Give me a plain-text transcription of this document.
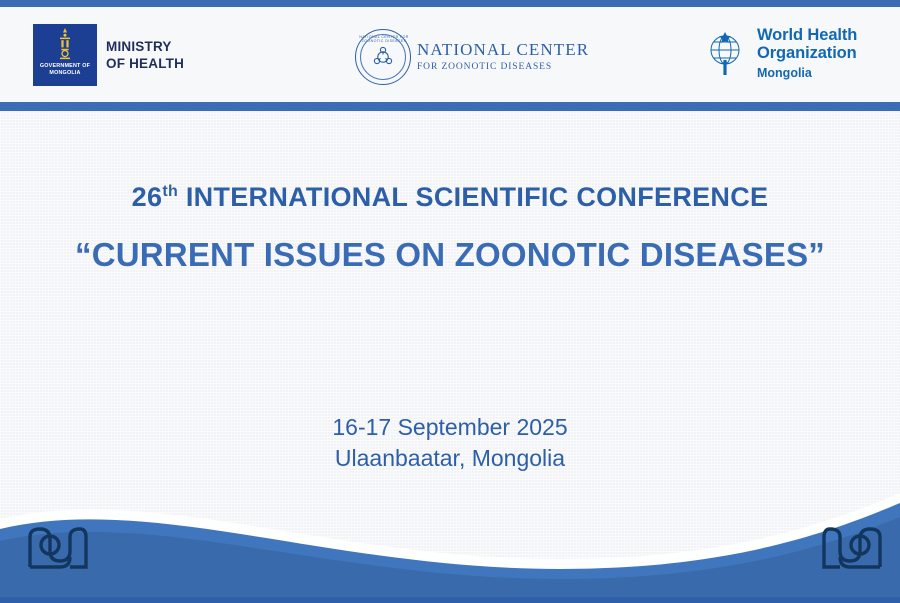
GOVERNMENT OF
MONGOLIA
MINISTRY
OF HEALTH
NATIONAL CENTER FOR ZOONOTIC DISEASES NATIONAL CENTER
FOR ZOONOTIC DISEASES
World Health
Organization
Mongolia
26th INTERNATIONAL SCIENTIFIC CONFERENCE
“CURRENT ISSUES ON ZOONOTIC DISEASES”
16-17 September 2025
Ulaanbaatar, Mongolia
